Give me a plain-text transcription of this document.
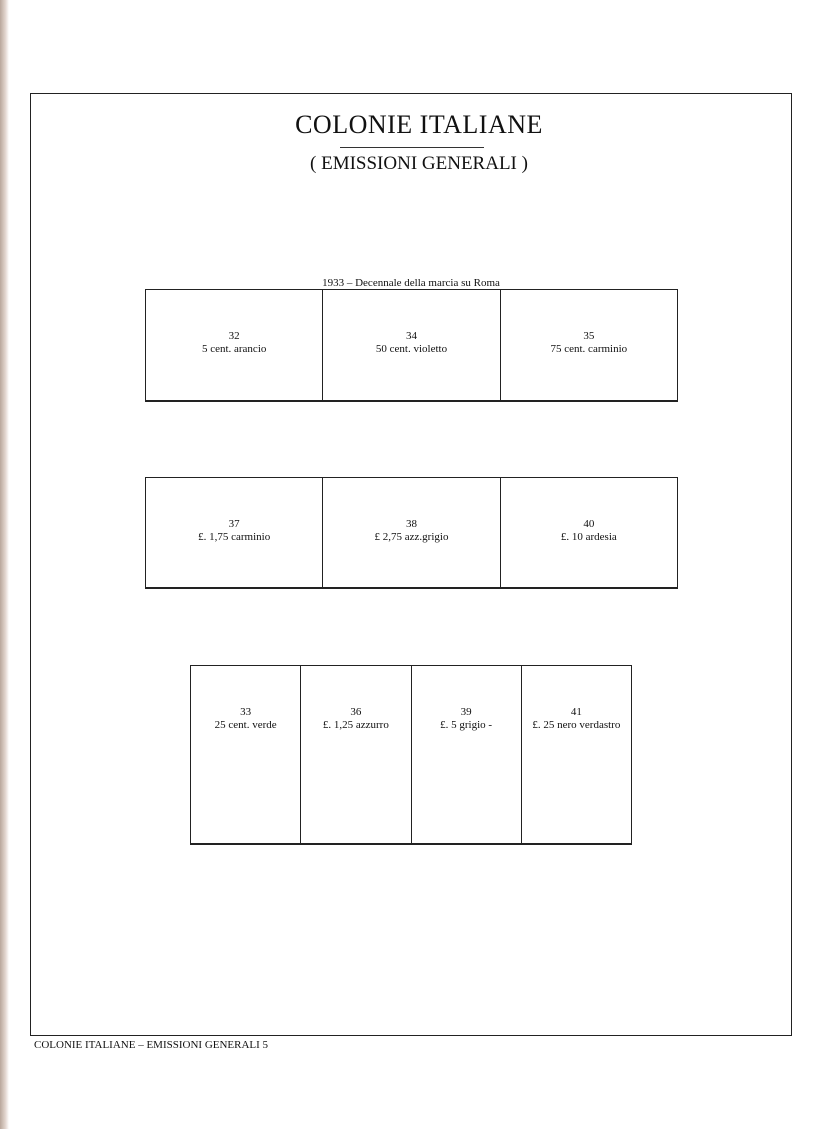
COLONIE ITALIANE
( EMISSIONI GENERALI )
1933 – Decennale della marcia su Roma
32
5 cent. arancio
34
50 cent. violetto
35
75 cent. carminio
37
£. 1,75 carminio
38
£ 2,75 azz.grigio
40
£. 10 ardesia
33
25 cent. verde
36
£. 1,25 azzurro
39
£. 5 grigio -
41
£. 25 nero verdastro
COLONIE ITALIANE – EMISSIONI GENERALI 5
